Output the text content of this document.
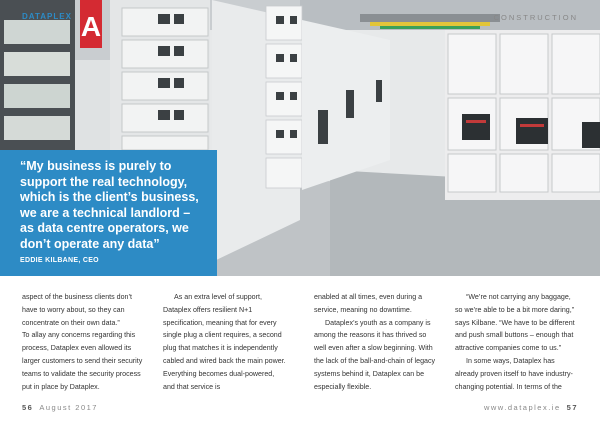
A
DATAPLEX	CONSTRUCTION

“My business is purely to support the real technology, which is the client’s business, we are a technical landlord – as data centre operators, we don’t operate any data”

EDDIE KILBANE, CEO

aspect of the business clients don’t have to worry about, so they can concentrate on their own data.”

To allay any concerns regarding this process, Dataplex even allowed its larger customers to send their security teams to validate the security process put in place by Dataplex.

As an extra level of support, Dataplex offers resilient N+1 specification, meaning that for every single plug a client requires, a second plug that matches it is independently cabled and wired back the main power. Everything becomes dual-powered, and that service is

enabled at all times, even during a service, meaning no downtime.

Dataplex’s youth as a company is among the reasons it has thrived so well even after a slow beginning. With the lack of the ball-and-chain of legacy systems behind it, Dataplex can be especially flexible.

“We’re not carrying any baggage, so we’re able to be a bit more daring,” says Kilbane. “We have to be different and push small buttons – enough that attractive companies come to us.”

In some ways, Dataplex has already proven itself to have industry-changing potential. In terms of the

56 August 2017	www.dataplex.ie 57
